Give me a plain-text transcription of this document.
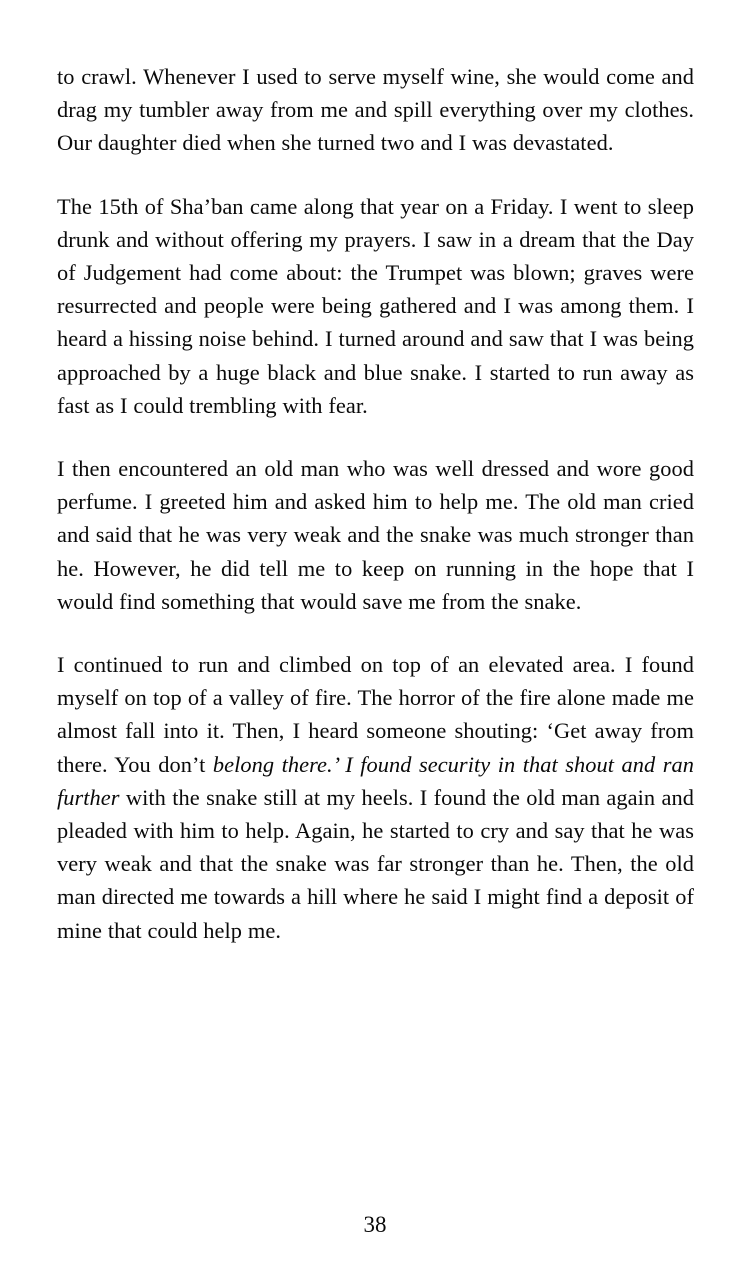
to crawl. Whenever I used to serve myself wine, she would come and drag my tumbler away from me and spill everything over my clothes. Our daughter died when she turned two and I was devastated.

The 15th of Sha’ban came along that year on a Friday. I went to sleep drunk and without offering my prayers. I saw in a dream that the Day of Judgement had come about: the Trumpet was blown; graves were resurrected and people were being gathered and I was among them. I heard a hissing noise behind. I turned around and saw that I was being approached by a huge black and blue snake. I started to run away as fast as I could trembling with fear.

I then encountered an old man who was well dressed and wore good perfume. I greeted him and asked him to help me. The old man cried and said that he was very weak and the snake was much stronger than he. However, he did tell me to keep on running in the hope that I would find something that would save me from the snake.

I continued to run and climbed on top of an elevated area. I found myself on top of a valley of fire. The horror of the fire alone made me almost fall into it. Then, I heard someone shouting: ‘Get away from there. You don’t belong there.’ I found security in that shout and ran further with the snake still at my heels. I found the old man again and pleaded with him to help. Again, he started to cry and say that he was very weak and that the snake was far stronger than he. Then, the old man directed me towards a hill where he said I might find a deposit of mine that could help me.

38
